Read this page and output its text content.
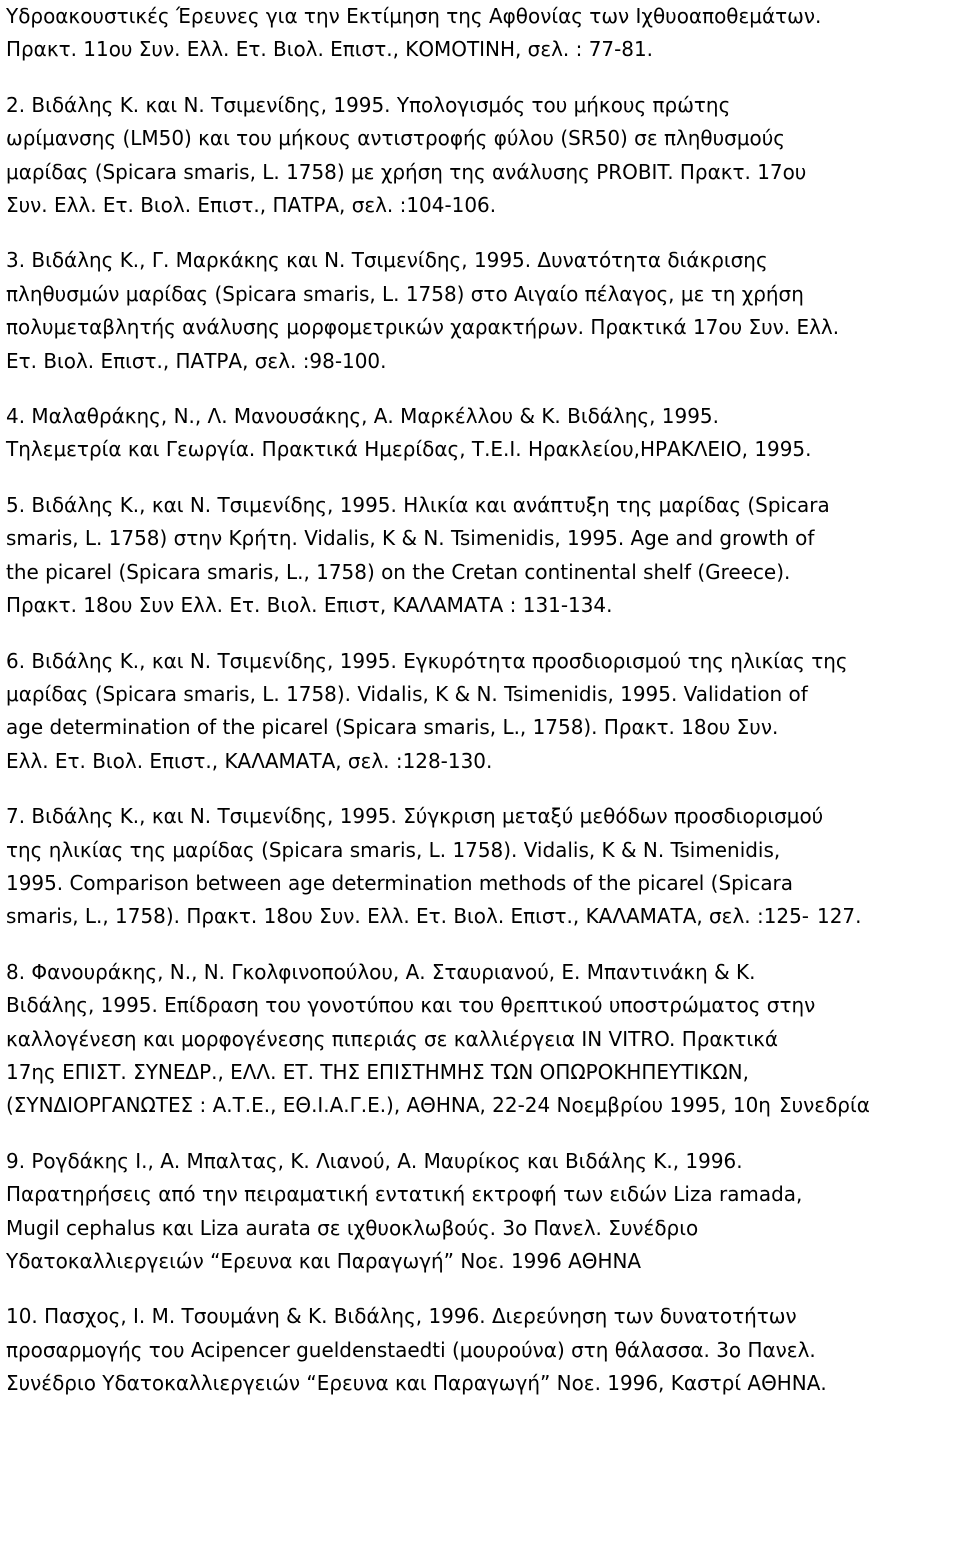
Υδροακουστικές Έρευνες για την Εκτίμηση της Αφθονίας των Ιχθυοαποθεμάτων.

Πρακτ. 11ου Συν. Ελλ. Ετ. Βιολ. Επιστ., ΚΟΜΟΤΙΝΗ, σελ. : 77-81.

2. Βιδάλης Κ. και Ν. Τσιμενίδης, 1995. Υπολογισμός του μήκους πρώτης

ωρίμανσης (LM50) και του μήκους αντιστροφής φύλου (SR50) σε πληθυσμούς

μαρίδας (Spicara smaris, L. 1758) με χρήση της ανάλυσης PROBIT. Πρακτ. 17ου

Συν. Ελλ. Ετ. Βιολ. Επιστ., ΠΑΤΡΑ, σελ. :104-106.

3. Βιδάλης Κ., Γ. Μαρκάκης και Ν. Τσιμενίδης, 1995. Δυνατότητα διάκρισης

πληθυσμών μαρίδας (Spicara smaris, L. 1758) στο Αιγαίο πέλαγος, με τη χρήση

πολυμεταβλητής ανάλυσης μορφομετρικών χαρακτήρων. Πρακτικά 17ου Συν. Ελλ.

Ετ. Βιολ. Επιστ., ΠΑΤΡΑ, σελ. :98-100.

4. Μαλαθράκης, Ν., Λ. Μανουσάκης, Α. Μαρκέλλου & Κ. Βιδάλης, 1995.

Τηλεμετρία και Γεωργία. Πρακτικά Ημερίδας, Τ.Ε.Ι. Ηρακλείου,ΗΡΑΚΛΕΙΟ, 1995.

5. Βιδάλης Κ., και Ν. Τσιμενίδης, 1995. Ηλικία και ανάπτυξη της μαρίδας (Spicara

smaris, L. 1758) στην Κρήτη. Vidalis, K & N. Tsimenidis, 1995. Age and growth of

the picarel (Spicara smaris, L., 1758) on the Cretan continental shelf (Greece).

Πρακτ. 18ου Συν Ελλ. Ετ. Βιολ. Επιστ, ΚΑΛΑΜΑΤΑ : 131-134.

6. Βιδάλης Κ., και Ν. Τσιμενίδης, 1995. Εγκυρότητα προσδιορισμού της ηλικίας της

μαρίδας (Spicara smaris, L. 1758). Vidalis, K & N. Tsimenidis, 1995. Validation of

age determination of the picarel (Spicara smaris, L., 1758). Πρακτ. 18ου Συν.

Ελλ. Ετ. Βιολ. Επιστ., ΚΑΛΑΜΑΤΑ, σελ. :128-130.

7. Βιδάλης Κ., και Ν. Τσιμενίδης, 1995. Σύγκριση μεταξύ μεθόδων προσδιορισμού

της ηλικίας της μαρίδας (Spicara smaris, L. 1758). Vidalis, K & N. Tsimenidis,

1995. Comparison between age determination methods of the picarel (Spicara

smaris, L., 1758). Πρακτ. 18ου Συν. Ελλ. Ετ. Βιολ. Επιστ., ΚΑΛΑΜΑΤΑ, σελ. :125-

127.

8. Φανουράκης, Ν., Ν. Γκολφινοπούλου, Α. Σταυριανού, Ε. Μπαντινάκη & Κ.

Βιδάλης, 1995. Επίδραση του γονοτύπου και του θρεπτικού υποστρώματος στην

καλλογένεση και μορφογένεσης πιπεριάς σε καλλιέργεια IN VITRO. Πρακτικά

17ης ΕΠΙΣΤ. ΣΥΝΕΔΡ., ΕΛΛ. ΕΤ. ΤΗΣ ΕΠΙΣΤΗΜΗΣ ΤΩΝ ΟΠΩΡΟΚΗΠΕΥΤΙΚΩΝ,

(ΣΥΝΔΙΟΡΓΑΝΩΤΕΣ : Α.Τ.Ε., ΕΘ.Ι.Α.Γ.Ε.), ΑΘΗΝΑ, 22-24 Νοεμβρίου 1995, 10η

Συνεδρία

9. Ρογδάκης Ι., Α. Μπαλτας, Κ. Λιανού, Α. Μαυρίκος και Βιδάλης Κ., 1996.

Παρατηρήσεις από την πειραματική εντατική εκτροφή των ειδών Liza ramada,

Mugil cephalus και Liza aurata σε ιχθυοκλωβούς. 3ο Πανελ. Συνέδριο

Υδατοκαλλιεργειών “Ερευνα και Παραγωγή” Νοε. 1996 ΑΘΗΝΑ

10. Πασχος, Ι. Μ. Τσουμάνη & Κ. Βιδάλης, 1996. Διερεύνηση των δυνατοτήτων

προσαρμογής του Acipencer gueldenstaedti (μουρούνα) στη θάλασσα. 3ο Πανελ.

Συνέδριο Υδατοκαλλιεργειών “Ερευνα και Παραγωγή” Νοε. 1996, Καστρί ΑΘΗΝΑ.
